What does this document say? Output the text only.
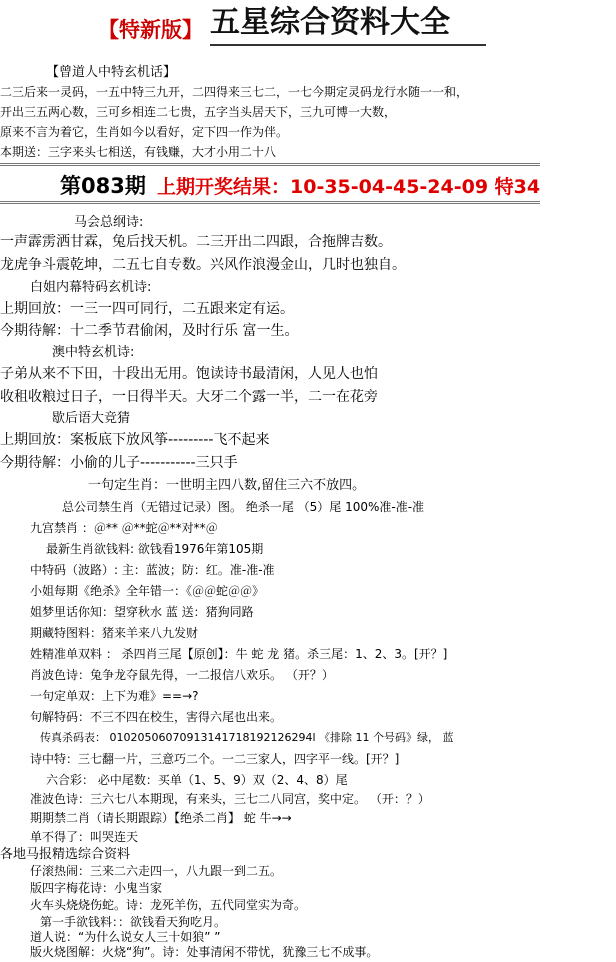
【特新版】 五星综合资料大全
【曾道人中特玄机话】
二三后来一灵码，一五中特三九开，二四得来三七二，一七今期定灵码龙行水随一一和，
开出三五两心数，三可乡相连二七贵，五字当头居天下，三九可博一大数，
原来不言为着它，生肖如今以看好，定下四一作为伴。
本期送：三字来头七相送，有钱赚，大才小用二十八
第083期 上期开奖结果：10-35-04-45-24-09 特34
马会总纲诗:
一声霹雳洒甘霖，兔后找天机。二三开出二四跟，合拖牌吉数。
龙虎争斗震乾坤，二五七自专数。兴风作浪漫金山，几时也独自。
白姐内幕特码玄机诗:
上期回放：一三一四可同行，二五跟来定有运。
今期待解：十二季节君偷闲，及时行乐 富一生。
澳中特玄机诗:
子弟从来不下田，十段出无用。饱读诗书最清闲，人见人也怕
收租收粮过日子，一日得半天。大牙二个露一半，二一在花旁
歇后语大竞猜
上期回放：案板底下放风筝---------飞不起来
今期待解：小偷的儿子-----------三只手
一句定生肖：一世明主四八数,留住三六不放四。
总公司禁生肖（无错过记录）图。 绝杀一尾 （5）尾 100%准-准-准
九宫禁肖 ：＠** ＠**蛇＠**对**＠
最新生肖欲钱料: 欲钱看1976年第105期
中特码（波路）: 主：蓝波；防：红。准-准-准
小姐每期《绝杀》全年错一：《＠＠蛇＠＠》
姐梦里话你知：望穿秋水 蓝 送：猪狗同路
期藏特图料：猪来羊来八九发财
姓精准单双料 ： 杀四肖三尾【原创】：牛 蛇 龙 猪。杀三尾：1、2、3。[开？]
肖波色诗：兔争龙夺鼠先得，一二报信八欢乐。 （开？）
一句定单双：上下为难》==→?
句解特码：不三不四在校生，害得六尾也出来。
传真杀码表： 01020506070913141718192126294l 《排除 11 个号码》绿， 蓝
诗中特：三七翻一片，三意巧二个。一二三家人，四字平一线。[开？]
六合彩： 必中尾数：买单（1、5、9）双（2、4、8）尾
准波色诗：三六七八本期现，有来头，三七二八同宫，奖中定。 （开：？）
期期禁二肖（请长期跟踪）【绝杀二肖】 蛇 牛→→
单不得了：叫哭连天
各地马报精选综合资料
仔滚热闹：三来二六走四一，八九跟一到二五。
版四字梅花诗：小鬼当家
火车头烧烧伤蛇。诗：龙死羊伤，五代同堂实为奇。
第一手欲钱料：：欲钱看天狗吃月。
道人说：“为什么说女人三十如狼” ”
版火烧图解：火烧“狗”。诗：处事清闲不带忧，犹豫三七不成事。
